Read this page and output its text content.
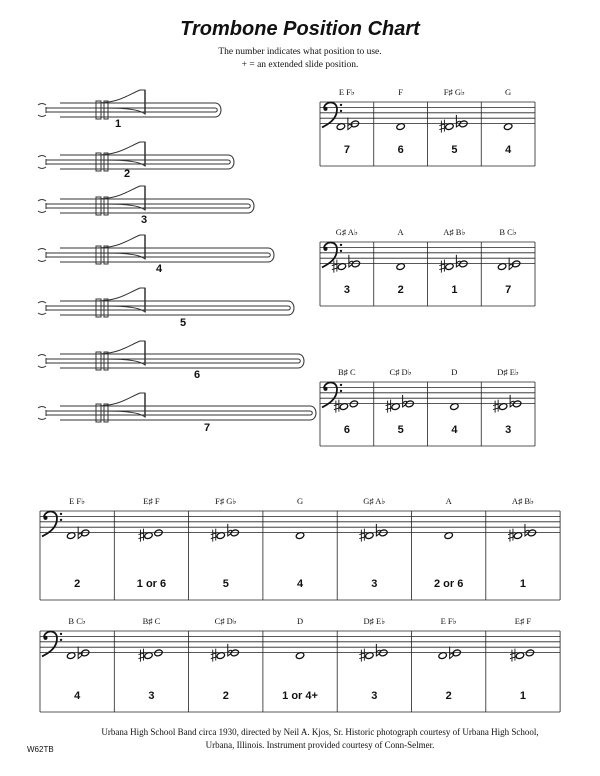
Trombone Position Chart
The number indicates what position to use.
+ = an extended slide position.
1
2
3
4
5
6
7
E F♭
7
F
6
F♯ G♭
5
G
4
G♯ A♭
3
A
2
A♯ B♭
1
B C♭
7
B♯ C
6
C♯ D♭
5
D
4
D♯ E♭
3
E F♭
2
E♯ F
1 or 6
F♯ G♭
5
G
4
G♯ A♭
3
A
2 or 6
A♯ B♭
1
B C♭
4
B♯ C
3
C♯ D♭
2
D
1 or 4+
D♯ E♭
3
E F♭
2
E♯ F
1
Urbana High School Band circa 1930, directed by Neil A. Kjos, Sr. Historic photograph courtesy of Urbana High School,
Urbana, Illinois. Instrument provided courtesy of Conn-Selmer.
W62TB
